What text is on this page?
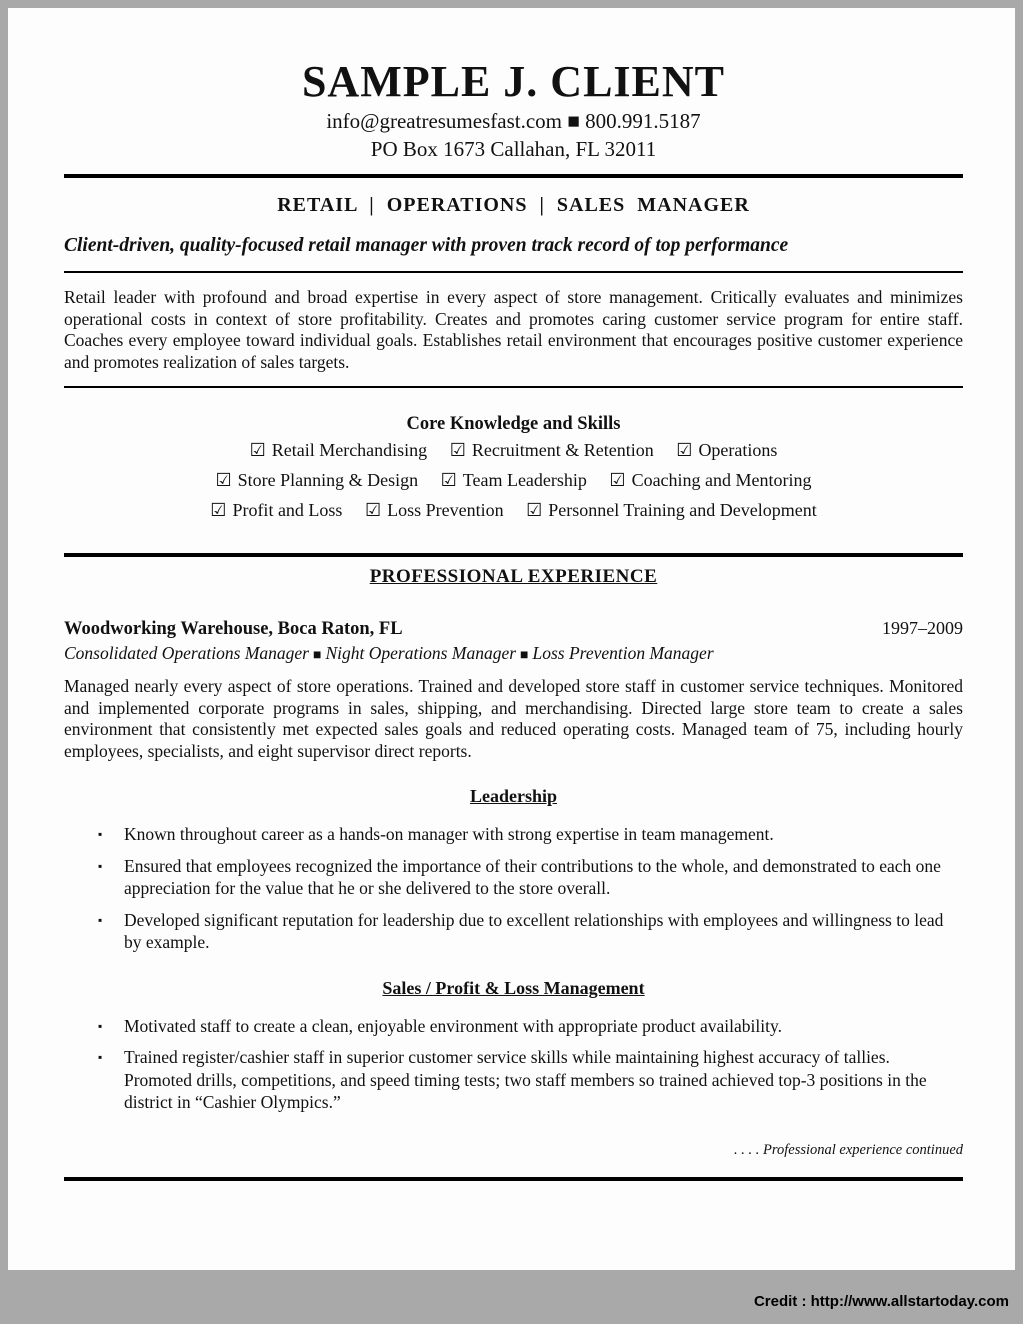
SAMPLE J. CLIENT
info@greatresumesfast.com ■ 800.991.5187
PO Box 1673 Callahan, FL 32011
RETAIL | OPERATIONS | SALES MANAGER
Client-driven, quality-focused retail manager with proven track record of top performance

Retail leader with profound and broad expertise in every aspect of store management. Critically evaluates and minimizes operational costs in context of store profitability. Creates and promotes caring customer service program for entire staff. Coaches every employee toward individual goals. Establishes retail environment that encourages positive customer experience and promotes realization of sales targets.

Core Knowledge and Skills
☑ Retail Merchandising ☑ Recruitment & Retention ☑ Operations
☑ Store Planning & Design ☑ Team Leadership ☑ Coaching and Mentoring
☑ Profit and Loss ☑ Loss Prevention ☑ Personnel Training and Development
PROFESSIONAL EXPERIENCE
Woodworking Warehouse, Boca Raton, FL	1997–2009
Consolidated Operations Manager ■ Night Operations Manager ■ Loss Prevention Manager

Managed nearly every aspect of store operations. Trained and developed store staff in customer service techniques. Monitored and implemented corporate programs in sales, shipping, and merchandising. Directed large store team to create a sales environment that consistently met expected sales goals and reduced operating costs. Managed team of 75, including hourly employees, specialists, and eight supervisor direct reports.

Leadership
▪	Known throughout career as a hands-on manager with strong expertise in team management.
▪	Ensured that employees recognized the importance of their contributions to the whole, and demonstrated to each one appreciation for the value that he or she delivered to the store overall.
▪	Developed significant reputation for leadership due to excellent relationships with employees and willingness to lead by example.
Sales / Profit & Loss Management
▪	Motivated staff to create a clean, enjoyable environment with appropriate product availability.
▪	Trained register/cashier staff in superior customer service skills while maintaining highest accuracy of tallies. Promoted drills, competitions, and speed timing tests; two staff members so trained achieved top-3 positions in the district in “Cashier Olympics.”
. . . . Professional experience continued
Credit : http://www.allstartoday.com
